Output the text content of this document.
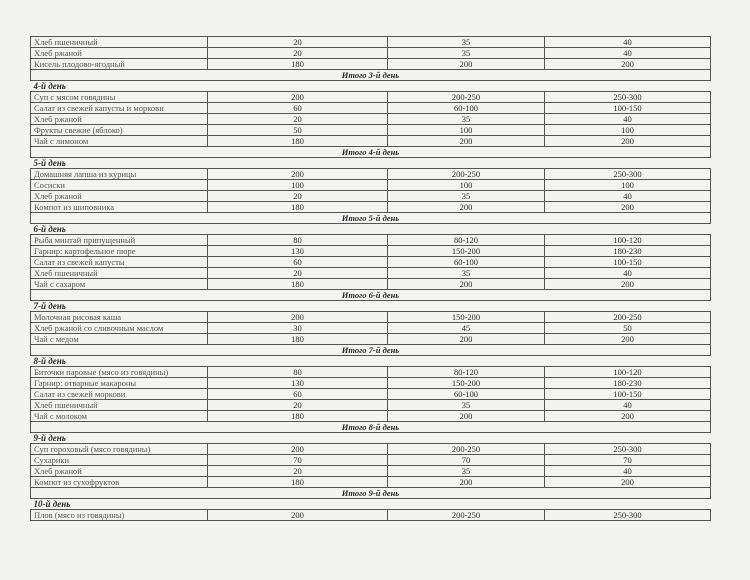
Хлеб пшеничный	20	35	40
Хлеб ржаной	20	35	40
Кисель плодово-ягодный	180	200	200
Итого 3-й день			
4-й день			
Суп с мясом говядины	200	200-250	250-300
Салат из свежей капусты и моркови	60	60-100	100-150
Хлеб ржаной	20	35	40
Фрукты свежие (яблоко)	50	100	100
Чай с лимоном	180	200	200
Итого 4-й день			
5-й день			
Домашняя лапша из курицы	200	200-250	250-300
Сосиски	100	100	100
Хлеб ржаной	20	35	40
Компот из шиповника	180	200	200
Итого 5-й день			
6-й день			
Рыба минтай припущенный	80	80-120	100-120
Гарнир: картофельное пюре	130	150-200	180-230
Салат из свежей капусты	60	60-100	100-150
Хлеб пшеничный	20	35	40
Чай с сахаром	180	200	200
Итого 6-й день			
7-й день			
Молочная рисовая каша	200	150-200	200-250
Хлеб ржаной со сливочным маслом	30	45	50
Чай с медом	180	200	200
Итого 7-й день			
8-й день			
Биточки паровые (мясо из говядины)	80	80-120	100-120
Гарнир: отварные макароны	130	150-200	180-230
Салат из свежей моркови	60	60-100	100-150
Хлеб пшеничный	20	35	40
Чай с молоком	180	200	200
Итого 8-й день			
9-й день			
Суп гороховый (мясо говядины)	200	200-250	250-300
Сухарики	70	70	70
Хлеб ржаной	20	35	40
Компот из сухофруктов	180	200	200
Итого 9-й день			
10-й день			
Плов (мясо из говядины)	200	200-250	250-300
